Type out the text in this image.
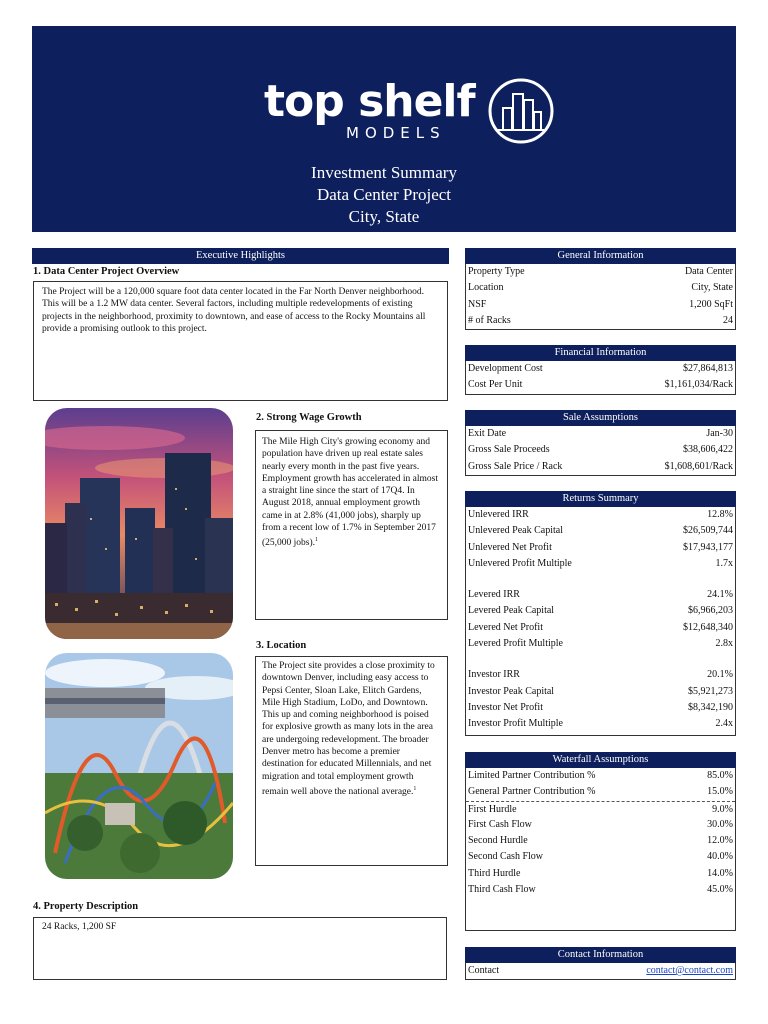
top shelf
MODELS
Investment Summary
Data Center Project
City, State
Executive Highlights
1. Data Center Project Overview
The Project will be a 120,000 square foot data center located in the Far North Denver neighborhood. This will be a 1.2 MW data center. Several factors, including multiple redevelopments of existing projects in the neighborhood, proximity to downtown, and ease of access to the Rocky Mountains all provide a promising outlook to this project.
2. Strong Wage Growth
The Mile High City's growing economy and population have driven up real estate sales nearly every month in the past five years. Employment growth has accelerated in almost a straight line since the start of 17Q4. In August 2018, annual employment growth came in at 2.8% (41,000 jobs), sharply up from a recent low of 1.7% in September 2017 (25,000 jobs).$^1$
3. Location
The Project site provides a close proximity to downtown Denver, including easy access to Pepsi Center, Sloan Lake, Elitch Gardens, Mile High Stadium, LoDo, and Downtown. This up and coming neighborhood is poised for explosive growth as many lots in the area are undergoing redevelopment. The broader Denver metro has become a premier destination for educated Millennials, and net migration and total employment growth remain well above the national average.$^1$
4. Property Description
24 Racks, 1,200 SF
General Information
Property Type	Data Center
Location	City, State
NSF	1,200 SqFt
# of Racks	24
Financial Information
Development Cost	$27,864,813
Cost Per Unit	$1,161,034/Rack
Sale Assumptions
Exit Date	Jan-30
Gross Sale Proceeds	$38,606,422
Gross Sale Price / Rack	$1,608,601/Rack
Returns Summary
Unlevered IRR	12.8%
Unlevered Peak Capital	$26,509,744
Unlevered Net Profit	$17,943,177
Unlevered Profit Multiple	1.7x
Levered IRR	24.1%
Levered Peak Capital	$6,966,203
Levered Net Profit	$12,648,340
Levered Profit Multiple	2.8x
Investor IRR	20.1%
Investor Peak Capital	$5,921,273
Investor Net Profit	$8,342,190
Investor Profit Multiple	2.4x
Waterfall Assumptions
Limited Partner Contribution %	85.0%
General Partner Contribution %	15.0%
First Hurdle	9.0%
First Cash Flow	30.0%
Second Hurdle	12.0%
Second Cash Flow	40.0%
Third Hurdle	14.0%
Third Cash Flow	45.0%
Contact Information
Contact	contact@contact.com
